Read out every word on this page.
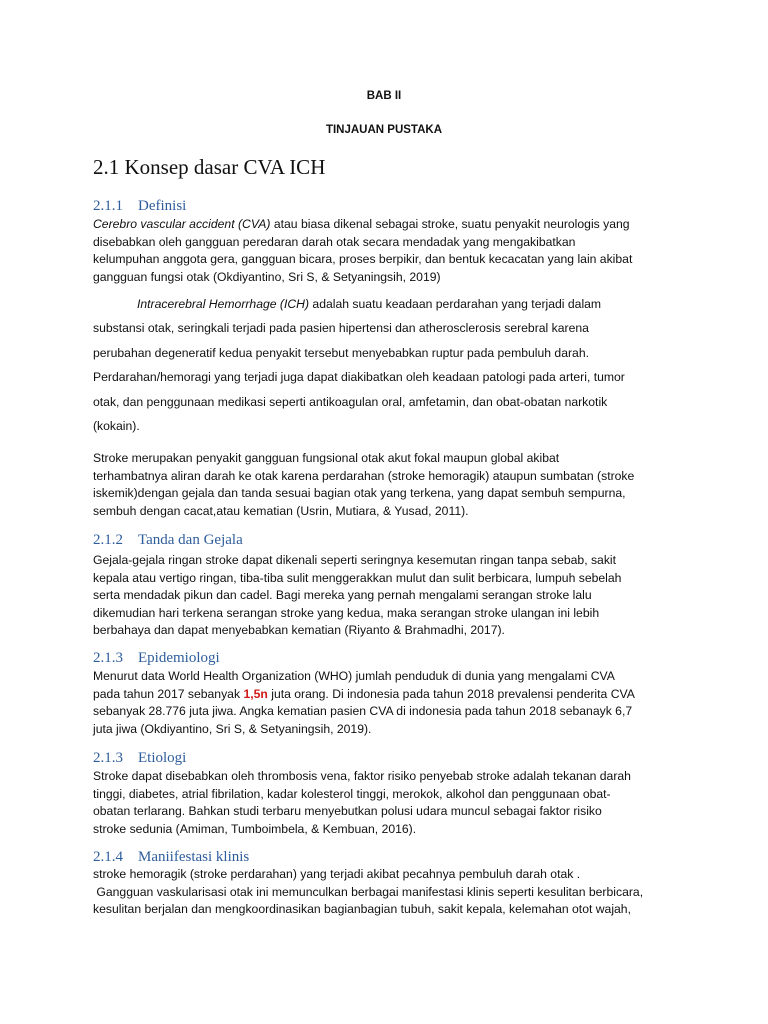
BAB II
TINJAUAN PUSTAKA
2.1 Konsep dasar CVA ICH
2.1.1 Definisi
Cerebro vascular accident (CVA) atau biasa dikenal sebagai stroke, suatu penyakit neurologis yang
disebabkan oleh gangguan peredaran darah otak secara mendadak yang mengakibatkan
kelumpuhan anggota gera, gangguan bicara, proses berpikir, dan bentuk kecacatan yang lain akibat
gangguan fungsi otak (Okdiyantino, Sri S, & Setyaningsih, 2019)
Intracerebral Hemorrhage (ICH) adalah suatu keadaan perdarahan yang terjadi dalam
substansi otak, seringkali terjadi pada pasien hipertensi dan atherosclerosis serebral karena
perubahan degeneratif kedua penyakit tersebut menyebabkan ruptur pada pembuluh darah.
Perdarahan/hemoragi yang terjadi juga dapat diakibatkan oleh keadaan patologi pada arteri, tumor
otak, dan penggunaan medikasi seperti antikoagulan oral, amfetamin, dan obat-obatan narkotik
(kokain).
Stroke merupakan penyakit gangguan fungsional otak akut fokal maupun global akibat
terhambatnya aliran darah ke otak karena perdarahan (stroke hemoragik) ataupun sumbatan (stroke
iskemik)dengan gejala dan tanda sesuai bagian otak yang terkena, yang dapat sembuh sempurna,
sembuh dengan cacat,atau kematian (Usrin, Mutiara, & Yusad, 2011).
2.1.2 Tanda dan Gejala
Gejala-gejala ringan stroke dapat dikenali seperti seringnya kesemutan ringan tanpa sebab, sakit
kepala atau vertigo ringan, tiba-tiba sulit menggerakkan mulut dan sulit berbicara, lumpuh sebelah
serta mendadak pikun dan cadel. Bagi mereka yang pernah mengalami serangan stroke lalu
dikemudian hari terkena serangan stroke yang kedua, maka serangan stroke ulangan ini lebih
berbahaya dan dapat menyebabkan kematian (Riyanto & Brahmadhi, 2017).
2.1.3 Epidemiologi
Menurut data World Health Organization (WHO) jumlah penduduk di dunia yang mengalami CVA
pada tahun 2017 sebanyak 1,5n juta orang. Di indonesia pada tahun 2018 prevalensi penderita CVA
sebanyak 28.776 juta jiwa. Angka kematian pasien CVA di indonesia pada tahun 2018 sebanayk 6,7
juta jiwa (Okdiyantino, Sri S, & Setyaningsih, 2019).
2.1.3 Etiologi
Stroke dapat disebabkan oleh thrombosis vena, faktor risiko penyebab stroke adalah tekanan darah
tinggi, diabetes, atrial fibrilation, kadar kolesterol tinggi, merokok, alkohol dan penggunaan obat-
obatan terlarang. Bahkan studi terbaru menyebutkan polusi udara muncul sebagai faktor risiko
stroke sedunia (Amiman, Tumboimbela, & Kembuan, 2016).
2.1.4 Maniifestasi klinis
stroke hemoragik (stroke perdarahan) yang terjadi akibat pecahnya pembuluh darah otak .
Gangguan vaskularisasi otak ini memunculkan berbagai manifestasi klinis seperti kesulitan berbicara,
kesulitan berjalan dan mengkoordinasikan bagianbagian tubuh, sakit kepala, kelemahan otot wajah,
